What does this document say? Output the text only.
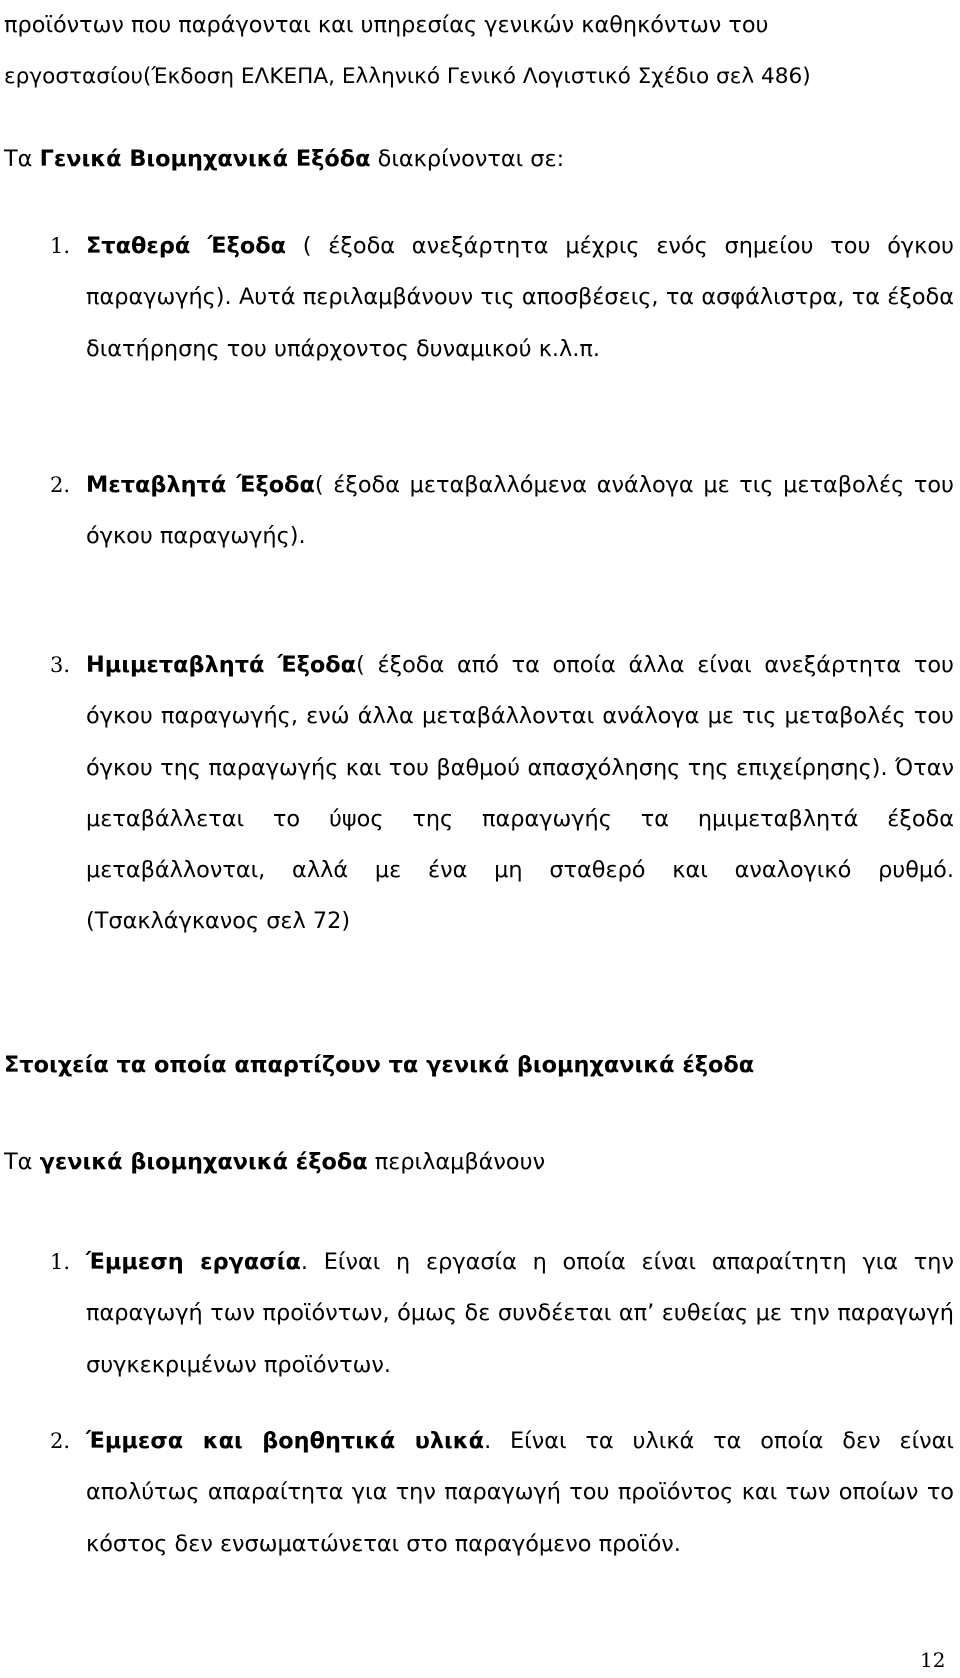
προϊόντων που παράγονται και υπηρεσίας γενικών καθηκόντων του

εργοστασίου(Έκδοση ΕΛΚΕΠΑ, Ελληνικό Γενικό Λογιστικό Σχέδιο σελ 486)

Τα Γενικά Βιομηχανικά Εξόδα διακρίνονται σε:

1. Σταθερά Έξοδα ( έξοδα ανεξάρτητα μέχρις ενός σημείου του όγκου παραγωγής). Αυτά περιλαμβάνουν τις αποσβέσεις, τα ασφάλιστρα, τα έξοδα διατήρησης του υπάρχοντος δυναμικού κ.λ.π.

2. Μεταβλητά Έξοδα( έξοδα μεταβαλλόμενα ανάλογα με τις μεταβολές του όγκου παραγωγής).

3. Ημιμεταβλητά Έξοδα( έξοδα από τα οποία άλλα είναι ανεξάρτητα του όγκου παραγωγής, ενώ άλλα μεταβάλλονται ανάλογα με τις μεταβολές του όγκου της παραγωγής και του βαθμού απασχόλησης της επιχείρησης). Όταν μεταβάλλεται το ύψος της παραγωγής τα ημιμεταβλητά έξοδα μεταβάλλονται, αλλά με ένα μη σταθερό και αναλογικό ρυθμό. (Τσακλάγκανος σελ 72)

Στοιχεία τα οποία απαρτίζουν τα γενικά βιομηχανικά έξοδα

Τα γενικά βιομηχανικά έξοδα περιλαμβάνουν

1. Έμμεση εργασία. Είναι η εργασία η οποία είναι απαραίτητη για την παραγωγή των προϊόντων, όμως δε συνδέεται απ’ ευθείας με την παραγωγή συγκεκριμένων προϊόντων.

2. Έμμεσα και βοηθητικά υλικά. Είναι τα υλικά τα οποία δεν είναι απολύτως απαραίτητα για την παραγωγή του προϊόντος και των οποίων το κόστος δεν ενσωματώνεται στο παραγόμενο προϊόν.

12
